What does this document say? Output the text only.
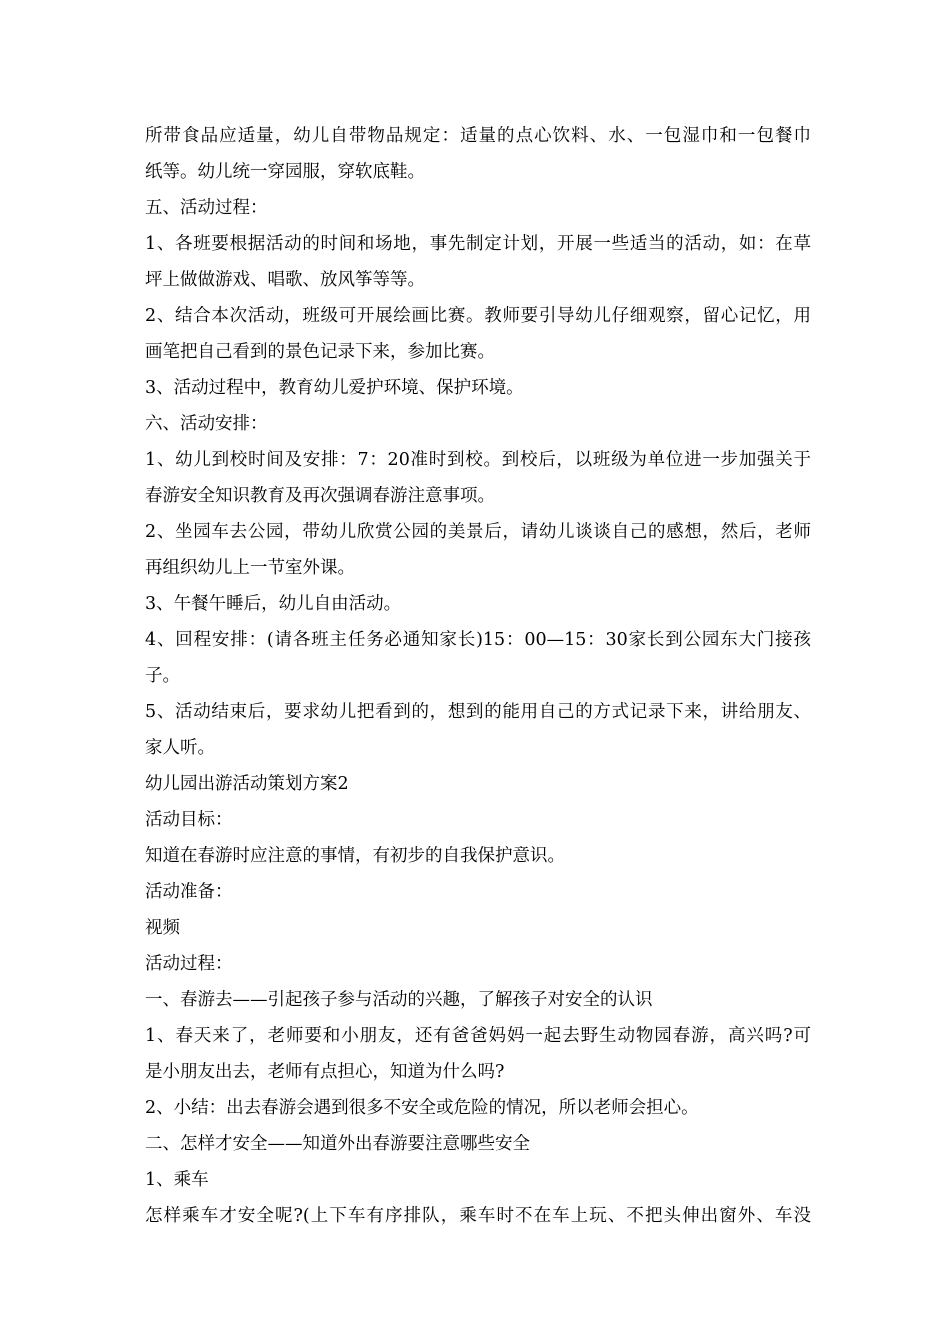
所带食品应适量，幼儿自带物品规定：适量的点心饮料、水、一包湿巾和一包餐巾
纸等。幼儿统一穿园服，穿软底鞋。
五、活动过程：
1、各班要根据活动的时间和场地，事先制定计划，开展一些适当的活动，如：在草
坪上做做游戏、唱歌、放风筝等等。
2、结合本次活动，班级可开展绘画比赛。教师要引导幼儿仔细观察，留心记忆，用
画笔把自己看到的景色记录下来，参加比赛。
3、活动过程中，教育幼儿爱护环境、保护环境。
六、活动安排：
1、幼儿到校时间及安排：7：20准时到校。到校后，以班级为单位进一步加强关于
春游安全知识教育及再次强调春游注意事项。
2、坐园车去公园，带幼儿欣赏公园的美景后，请幼儿谈谈自己的感想，然后，老师
再组织幼儿上一节室外课。
3、午餐午睡后，幼儿自由活动。
4、回程安排：(请各班主任务必通知家长)15：00—15：30家长到公园东大门接孩
子。
5、活动结束后，要求幼儿把看到的，想到的能用自己的方式记录下来，讲给朋友、
家人听。
幼儿园出游活动策划方案2
活动目标：
知道在春游时应注意的事情，有初步的自我保护意识。
活动准备：
视频
活动过程：
一、春游去——引起孩子参与活动的兴趣，了解孩子对安全的认识
1、春天来了，老师要和小朋友，还有爸爸妈妈一起去野生动物园春游，高兴吗?可
是小朋友出去，老师有点担心，知道为什么吗?
2、小结：出去春游会遇到很多不安全或危险的情况，所以老师会担心。
二、怎样才安全——知道外出春游要注意哪些安全
1、乘车
怎样乘车才安全呢?(上下车有序排队，乘车时不在车上玩、不把头伸出窗外、车没
